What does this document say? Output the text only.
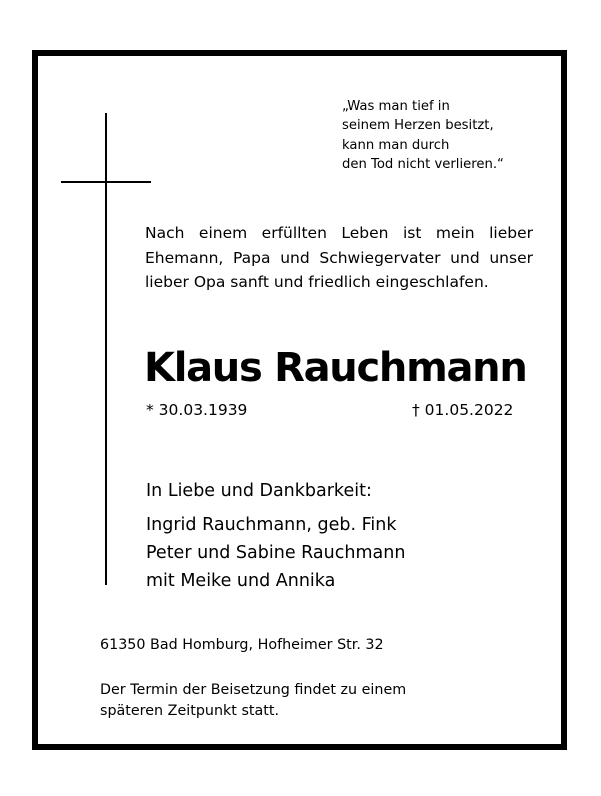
„Was man tief in
seinem Herzen besitzt,
kann man durch
den Tod nicht verlieren.“
Nach einem erfüllten Leben ist mein lieber
Ehemann, Papa und Schwiegervater und unser
lieber Opa sanft und friedlich eingeschlafen.
Klaus Rauchmann
* 30.03.1939	† 01.05.2022
In Liebe und Dankbarkeit:
Ingrid Rauchmann, geb. Fink
Peter und Sabine Rauchmann
mit Meike und Annika
61350 Bad Homburg, Hofheimer Str. 32
Der Termin der Beisetzung findet zu einem
späteren Zeitpunkt statt.
